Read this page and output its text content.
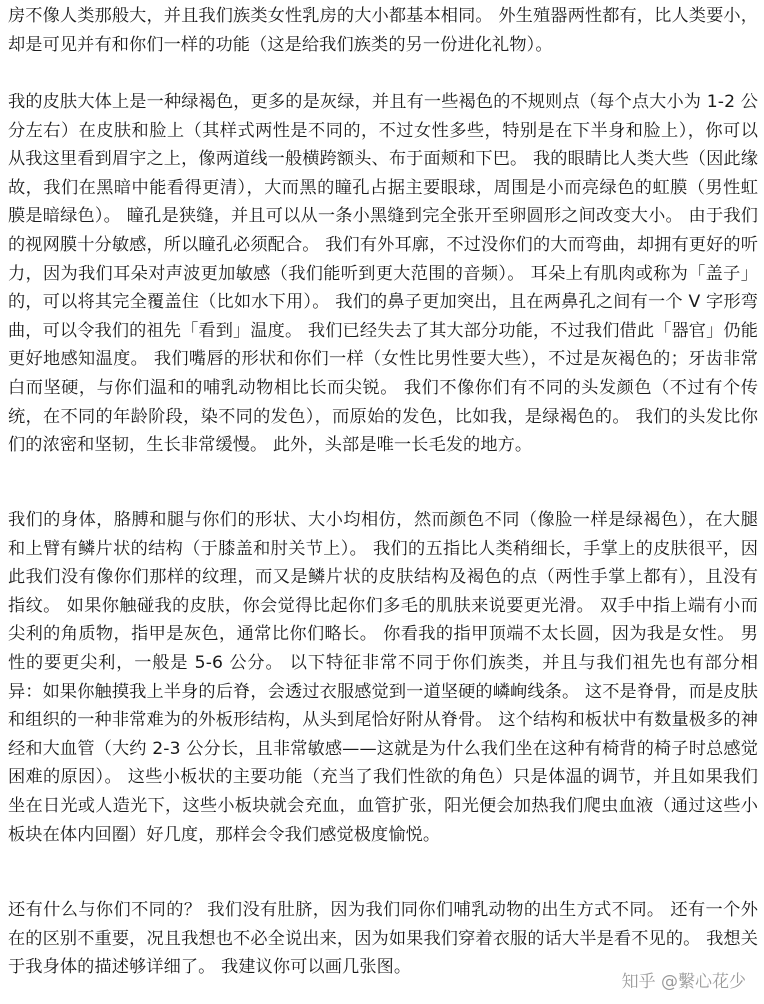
房不像人类那般大，并且我们族类女性乳房的大小都基本相同。 外生殖器两性都有，比人类要小，却是可见并有和你们一样的功能（这是给我们族类的另一份进化礼物）。

我的皮肤大体上是一种绿褐色，更多的是灰绿，并且有一些褐色的不规则点（每个点大小为 1-2 公分左右）在皮肤和脸上（其样式两性是不同的，不过女性多些，特别是在下半身和脸上），你可以从我这里看到眉宇之上，像两道线一般横跨额头、布于面颊和下巴。 我的眼睛比人类大些（因此缘故，我们在黑暗中能看得更清），大而黑的瞳孔占据主要眼球，周围是小而亮绿色的虹膜（男性虹膜是暗绿色）。 瞳孔是狭缝，并且可以从一条小黑缝到完全张开至卵圆形之间改变大小。 由于我们的视网膜十分敏感，所以瞳孔必须配合。 我们有外耳廓，不过没你们的大而弯曲，却拥有更好的听力，因为我们耳朵对声波更加敏感（我们能听到更大范围的音频）。 耳朵上有肌肉或称为「盖子」的，可以将其完全覆盖住（比如水下用）。 我们的鼻子更加突出，且在两鼻孔之间有一个 V 字形弯曲，可以令我们的祖先「看到」温度。 我们已经失去了其大部分功能，不过我们借此「器官」仍能更好地感知温度。 我们嘴唇的形状和你们一样（女性比男性要大些），不过是灰褐色的；牙齿非常白而坚硬，与你们温和的哺乳动物相比长而尖锐。 我们不像你们有不同的头发颜色（不过有个传统，在不同的年龄阶段，染不同的发色），而原始的发色，比如我，是绿褐色的。 我们的头发比你们的浓密和坚韧，生长非常缓慢。 此外，头部是唯一长毛发的地方。

我们的身体，胳膊和腿与你们的形状、大小均相仿，然而颜色不同（像脸一样是绿褐色），在大腿和上臂有鳞片状的结构（于膝盖和肘关节上）。 我们的五指比人类稍细长，手掌上的皮肤很平，因此我们没有像你们那样的纹理，而又是鳞片状的皮肤结构及褐色的点（两性手掌上都有），且没有指纹。 如果你触碰我的皮肤，你会觉得比起你们多毛的肌肤来说要更光滑。 双手中指上端有小而尖利的角质物，指甲是灰色，通常比你们略长。 你看我的指甲顶端不太长圆，因为我是女性。 男性的要更尖利，一般是 5-6 公分。 以下特征非常不同于你们族类，并且与我们祖先也有部分相异：如果你触摸我上半身的后脊，会透过衣服感觉到一道坚硬的嶙峋线条。 这不是脊骨，而是皮肤和组织的一种非常难为的外板形结构，从头到尾恰好附从脊骨。 这个结构和板状中有数量极多的神经和大血管（大约 2-3 公分长，且非常敏感——这就是为什么我们坐在这种有椅背的椅子时总感觉困难的原因）。 这些小板状的主要功能（充当了我们性欲的角色）只是体温的调节，并且如果我们坐在日光或人造光下，这些小板块就会充血，血管扩张，阳光便会加热我们爬虫血液（通过这些小板块在体内回圈）好几度，那样会令我们感觉极度愉悦。

还有什么与你们不同的？ 我们没有肚脐，因为我们同你们哺乳动物的出生方式不同。 还有一个外在的区别不重要，况且我想也不必全说出来，因为如果我们穿着衣服的话大半是看不见的。 我想关于我身体的描述够详细了。 我建议你可以画几张图。

知乎 @繫心花少
